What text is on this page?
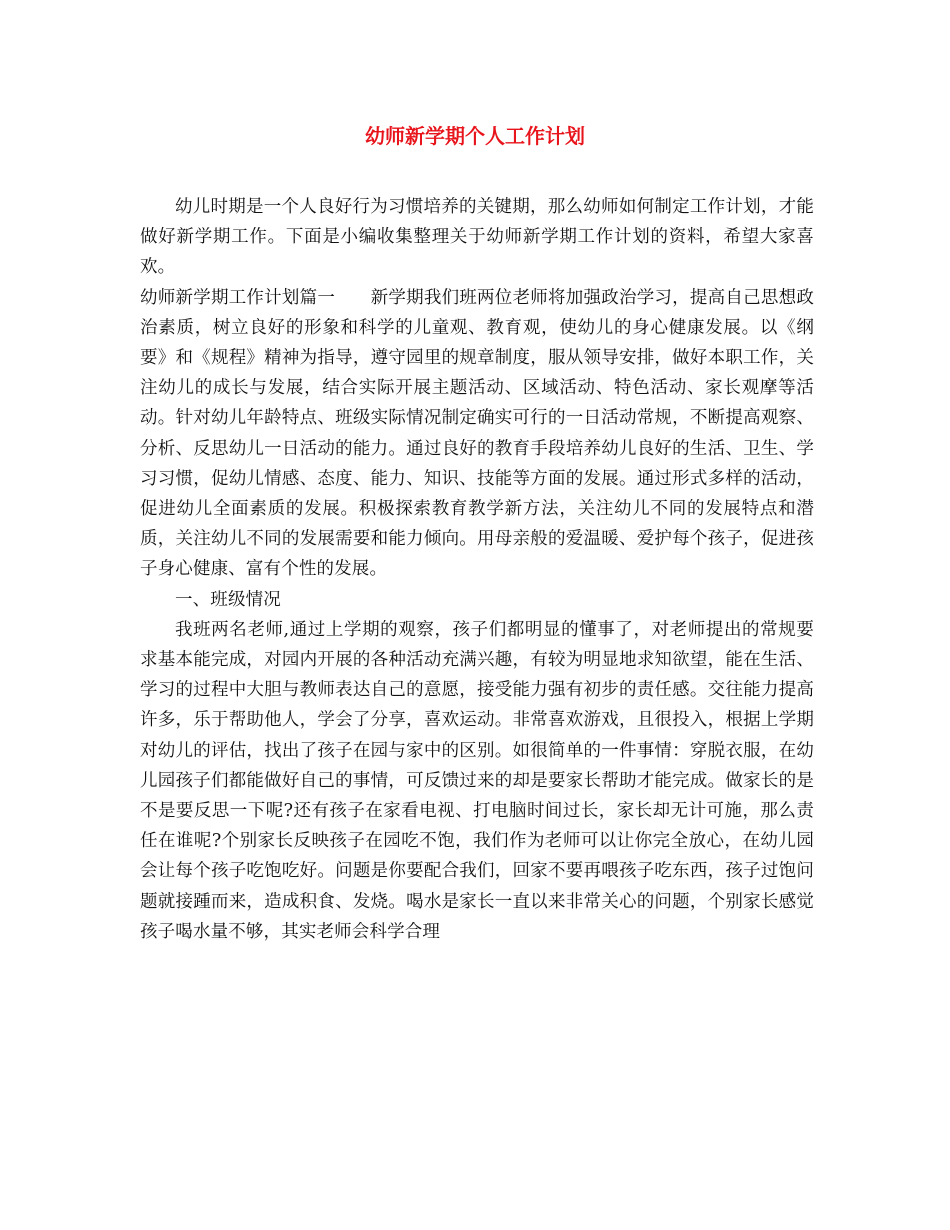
幼师新学期个人工作计划

幼儿时期是一个人良好行为习惯培养的关键期，那么幼师如何制定工作计划，才能做好新学期工作。下面是小编收集整理关于幼师新学期工作计划的资料，希望大家喜欢。

幼师新学期工作计划篇一　　新学期我们班两位老师将加强政治学习，提高自己思想政治素质，树立良好的形象和科学的儿童观、教育观，使幼儿的身心健康发展。以《纲要》和《规程》精神为指导，遵守园里的规章制度，服从领导安排，做好本职工作，关注幼儿的成长与发展，结合实际开展主题活动、区域活动、特色活动、家长观摩等活动。针对幼儿年龄特点、班级实际情况制定确实可行的一日活动常规，不断提高观察、分析、反思幼儿一日活动的能力。通过良好的教育手段培养幼儿良好的生活、卫生、学习习惯，促幼儿情感、态度、能力、知识、技能等方面的发展。通过形式多样的活动，促进幼儿全面素质的发展。积极探索教育教学新方法，关注幼儿不同的发展特点和潜质，关注幼儿不同的发展需要和能力倾向。用母亲般的爱温暖、爱护每个孩子，促进孩子身心健康、富有个性的发展。

一、班级情况

我班两名老师,通过上学期的观察，孩子们都明显的懂事了，对老师提出的常规要求基本能完成，对园内开展的各种活动充满兴趣，有较为明显地求知欲望，能在生活、学习的过程中大胆与教师表达自己的意愿，接受能力强有初步的责任感。交往能力提高许多，乐于帮助他人，学会了分享，喜欢运动。非常喜欢游戏，且很投入，根据上学期对幼儿的评估，找出了孩子在园与家中的区别。如很简单的一件事情：穿脱衣服，在幼儿园孩子们都能做好自己的事情，可反馈过来的却是要家长帮助才能完成。做家长的是不是要反思一下呢?还有孩子在家看电视、打电脑时间过长，家长却无计可施，那么责任在谁呢?个别家长反映孩子在园吃不饱，我们作为老师可以让你完全放心，在幼儿园会让每个孩子吃饱吃好。问题是你要配合我们，回家不要再喂孩子吃东西，孩子过饱问题就接踵而来，造成积食、发烧。喝水是家长一直以来非常关心的问题，个别家长感觉孩子喝水量不够，其实老师会科学合理
